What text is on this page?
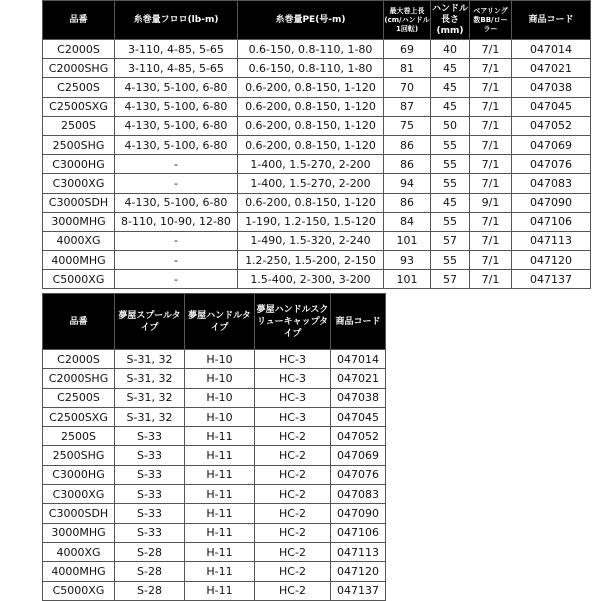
品番	糸巻量フロロ(lb-m)	糸巻量PE(号-m)	最大巻上長(cm/ハンドル1回転)	ハンドル長さ(mm)	ベアリング数BB/ローラー	商品コード
C2000S	3-110, 4-85, 5-65	0.6-150, 0.8-110, 1-80	69	40	7/1	047014
C2000SHG	3-110, 4-85, 5-65	0.6-150, 0.8-110, 1-80	81	45	7/1	047021
C2500S	4-130, 5-100, 6-80	0.6-200, 0.8-150, 1-120	70	45	7/1	047038
C2500SXG	4-130, 5-100, 6-80	0.6-200, 0.8-150, 1-120	87	45	7/1	047045
2500S	4-130, 5-100, 6-80	0.6-200, 0.8-150, 1-120	75	50	7/1	047052
2500SHG	4-130, 5-100, 6-80	0.6-200, 0.8-150, 1-120	86	55	7/1	047069
C3000HG	-	1-400, 1.5-270, 2-200	86	55	7/1	047076
C3000XG	-	1-400, 1.5-270, 2-200	94	55	7/1	047083
C3000SDH	4-130, 5-100, 6-80	0.6-200, 0.8-150, 1-120	86	45	9/1	047090
3000MHG	8-110, 10-90, 12-80	1-190, 1.2-150, 1.5-120	84	55	7/1	047106
4000XG	-	1-490, 1.5-320, 2-240	101	57	7/1	047113
4000MHG	-	1.2-250, 1.5-200, 2-150	93	55	7/1	047120
C5000XG	-	1.5-400, 2-300, 3-200	101	57	7/1	047137
品番	夢屋スプールタイプ	夢屋ハンドルタイプ	夢屋ハンドルスクリューキャップタイプ	商品コード
C2000S	S-31, 32	H-10	HC-3	047014
C2000SHG	S-31, 32	H-10	HC-3	047021
C2500S	S-31, 32	H-10	HC-3	047038
C2500SXG	S-31, 32	H-10	HC-3	047045
2500S	S-33	H-11	HC-2	047052
2500SHG	S-33	H-11	HC-2	047069
C3000HG	S-33	H-11	HC-2	047076
C3000XG	S-33	H-11	HC-2	047083
C3000SDH	S-33	H-11	HC-2	047090
3000MHG	S-33	H-11	HC-2	047106
4000XG	S-28	H-11	HC-2	047113
4000MHG	S-28	H-11	HC-2	047120
C5000XG	S-28	H-11	HC-2	047137
